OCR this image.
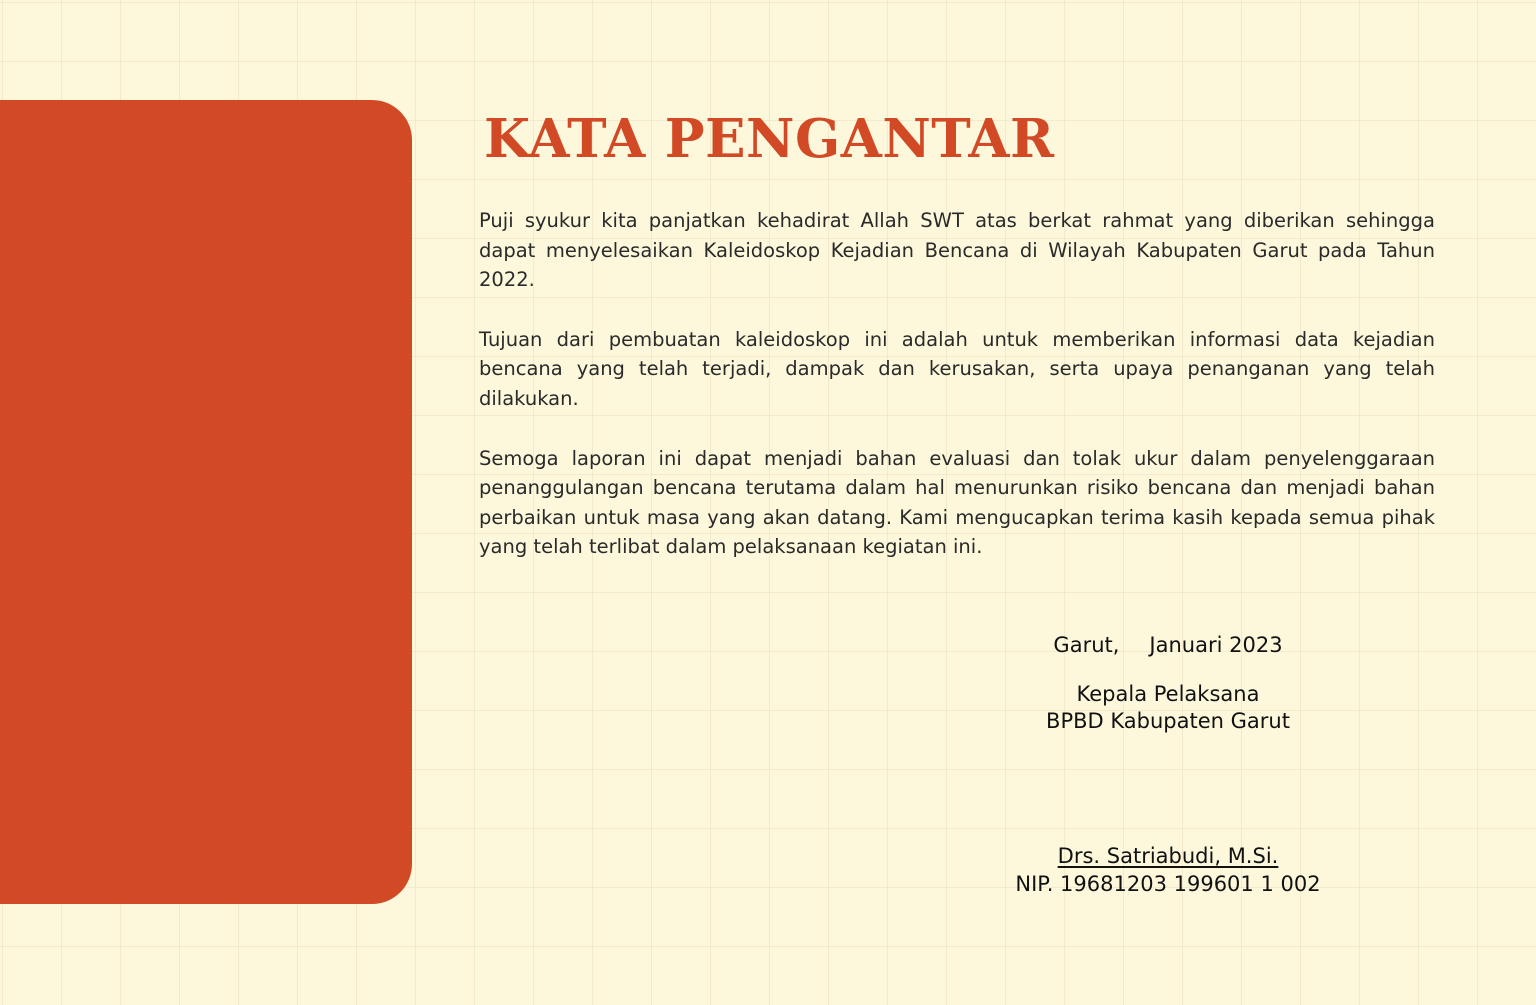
KATA PENGANTAR

Puji syukur kita panjatkan kehadirat Allah SWT atas berkat rahmat yang diberikan sehingga dapat menyelesaikan Kaleidoskop Kejadian Bencana di Wilayah Kabupaten Garut pada Tahun 2022.

Tujuan dari pembuatan kaleidoskop ini adalah untuk memberikan informasi data kejadian bencana yang telah terjadi, dampak dan kerusakan, serta upaya penanganan yang telah dilakukan.

Semoga laporan ini dapat menjadi bahan evaluasi dan tolak ukur dalam penyelenggaraan penanggulangan bencana terutama dalam hal menurunkan risiko bencana dan menjadi bahan perbaikan untuk masa yang akan datang. Kami mengucapkan terima kasih kepada semua pihak yang telah terlibat dalam pelaksanaan kegiatan ini.

Garut, Januari 2023
Kepala Pelaksana
BPBD Kabupaten Garut
Drs. Satriabudi, M.Si.
NIP. 19681203 199601 1 002
